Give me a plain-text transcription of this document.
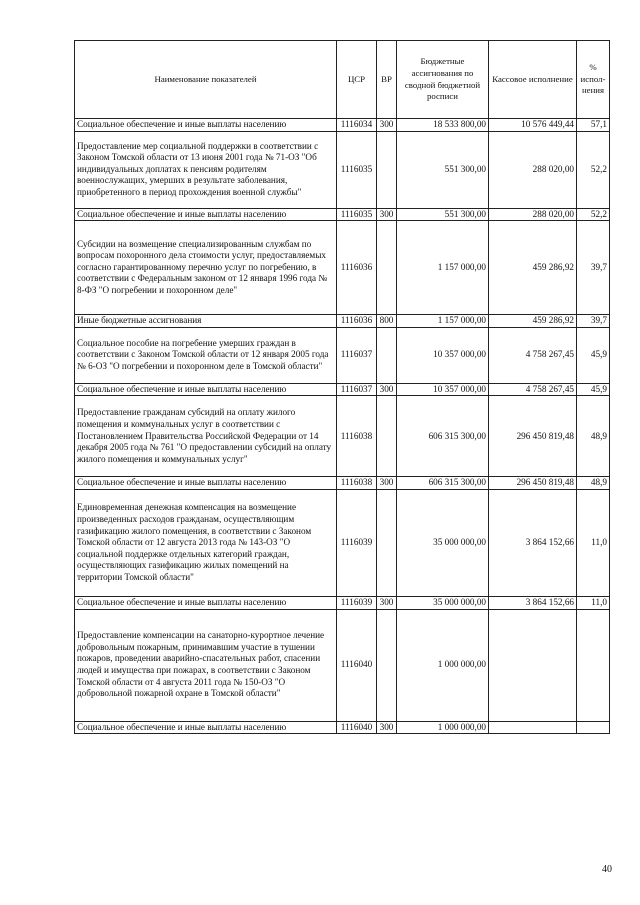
Наименование показателей	ЦСР	ВР	Бюджетные ассигнования по сводной бюджетной росписи	Кассовое исполнение	% испол-нения
Социальное обеспечение и иные выплаты населению	1116034	300	18 533 800,00	10 576 449,44	57,1
Предоставление мер социальной поддержки в соответствии с Законом Томской области от 13 июня 2001 года № 71-ОЗ "Об индивидуальных доплатах к пенсиям родителям военнослужащих, умерших в результате заболевания, приобретенного в период прохождения военной службы"	1116035		551 300,00	288 020,00	52,2
Социальное обеспечение и иные выплаты населению	1116035	300	551 300,00	288 020,00	52,2
Субсидии на возмещение специализированным службам по вопросам похоронного дела стоимости услуг, предоставляемых согласно гарантированному перечню услуг по погребению, в соответствии с Федеральным законом от 12 января 1996 года № 8-ФЗ "О погребении и похоронном деле"	1116036		1 157 000,00	459 286,92	39,7
Иные бюджетные ассигнования	1116036	800	1 157 000,00	459 286,92	39,7
Социальное пособие на погребение умерших граждан в соответствии с Законом Томской области от 12 января 2005 года № 6-ОЗ "О погребении и похоронном деле в Томской области"	1116037		10 357 000,00	4 758 267,45	45,9
Социальное обеспечение и иные выплаты населению	1116037	300	10 357 000,00	4 758 267,45	45,9
Предоставление гражданам субсидий на оплату жилого помещения и коммунальных услуг в соответствии с Постановлением Правительства Российской Федерации от 14 декабря 2005 года № 761 "О предоставлении субсидий на оплату жилого помещения и коммунальных услуг"	1116038		606 315 300,00	296 450 819,48	48,9
Социальное обеспечение и иные выплаты населению	1116038	300	606 315 300,00	296 450 819,48	48,9
Единовременная денежная компенсация на возмещение произведенных расходов гражданам, осуществляющим газификацию жилого помещения, в соответствии с Законом Томской области от 12 августа 2013 года № 143-ОЗ "О социальной поддержке отдельных категорий граждан, осуществляющих газификацию жилых помещений на территории Томской области"	1116039		35 000 000,00	3 864 152,66	11,0
Социальное обеспечение и иные выплаты населению	1116039	300	35 000 000,00	3 864 152,66	11,0
Предоставление компенсации на санаторно-курортное лечение добровольным пожарным, принимавшим участие в тушении пожаров, проведении аварийно-спасательных работ, спасении людей и имущества при пожарах, в соответствии с Законом Томской области от 4 августа 2011 года № 150-ОЗ "О добровольной пожарной охране в Томской области"	1116040		1 000 000,00		
Социальное обеспечение и иные выплаты населению	1116040	300	1 000 000,00		
40
